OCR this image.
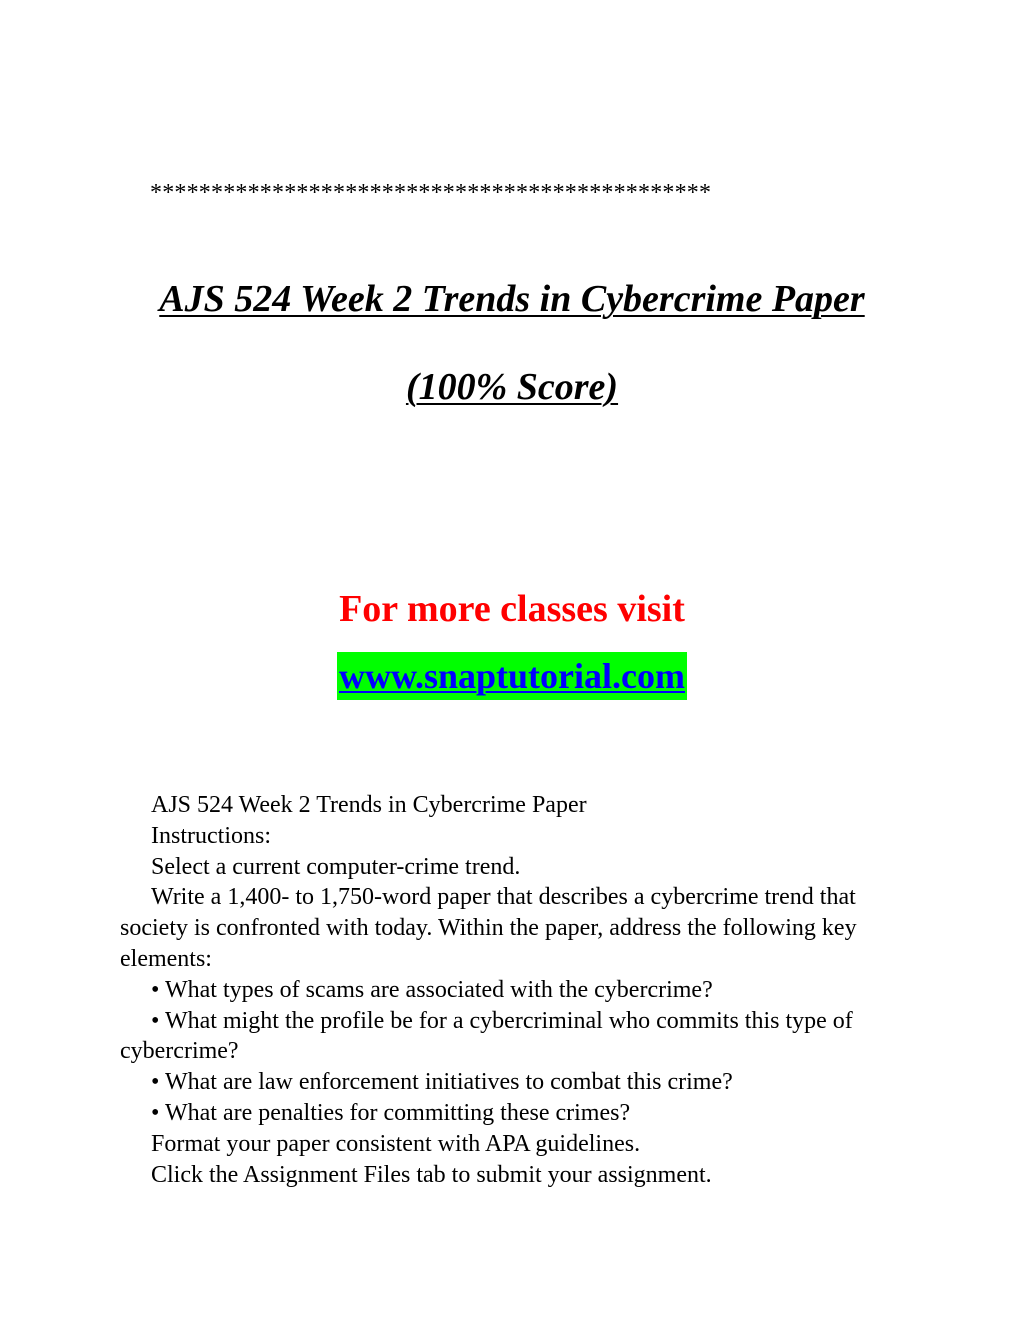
**********************************************
AJS 524 Week 2 Trends in Cybercrime Paper
(100% Score)
For more classes visit
www.snaptutorial.com

AJS 524 Week 2 Trends in Cybercrime Paper

Instructions:

Select a current computer-crime trend.

Write a 1,400- to 1,750-word paper that describes a cybercrime trend that society is confronted with today. Within the paper, address the following key elements:

• What types of scams are associated with the cybercrime?

• What might the profile be for a cybercriminal who commits this type of cybercrime?

• What are law enforcement initiatives to combat this crime?

• What are penalties for committing these crimes?

Format your paper consistent with APA guidelines.

Click the Assignment Files tab to submit your assignment.
